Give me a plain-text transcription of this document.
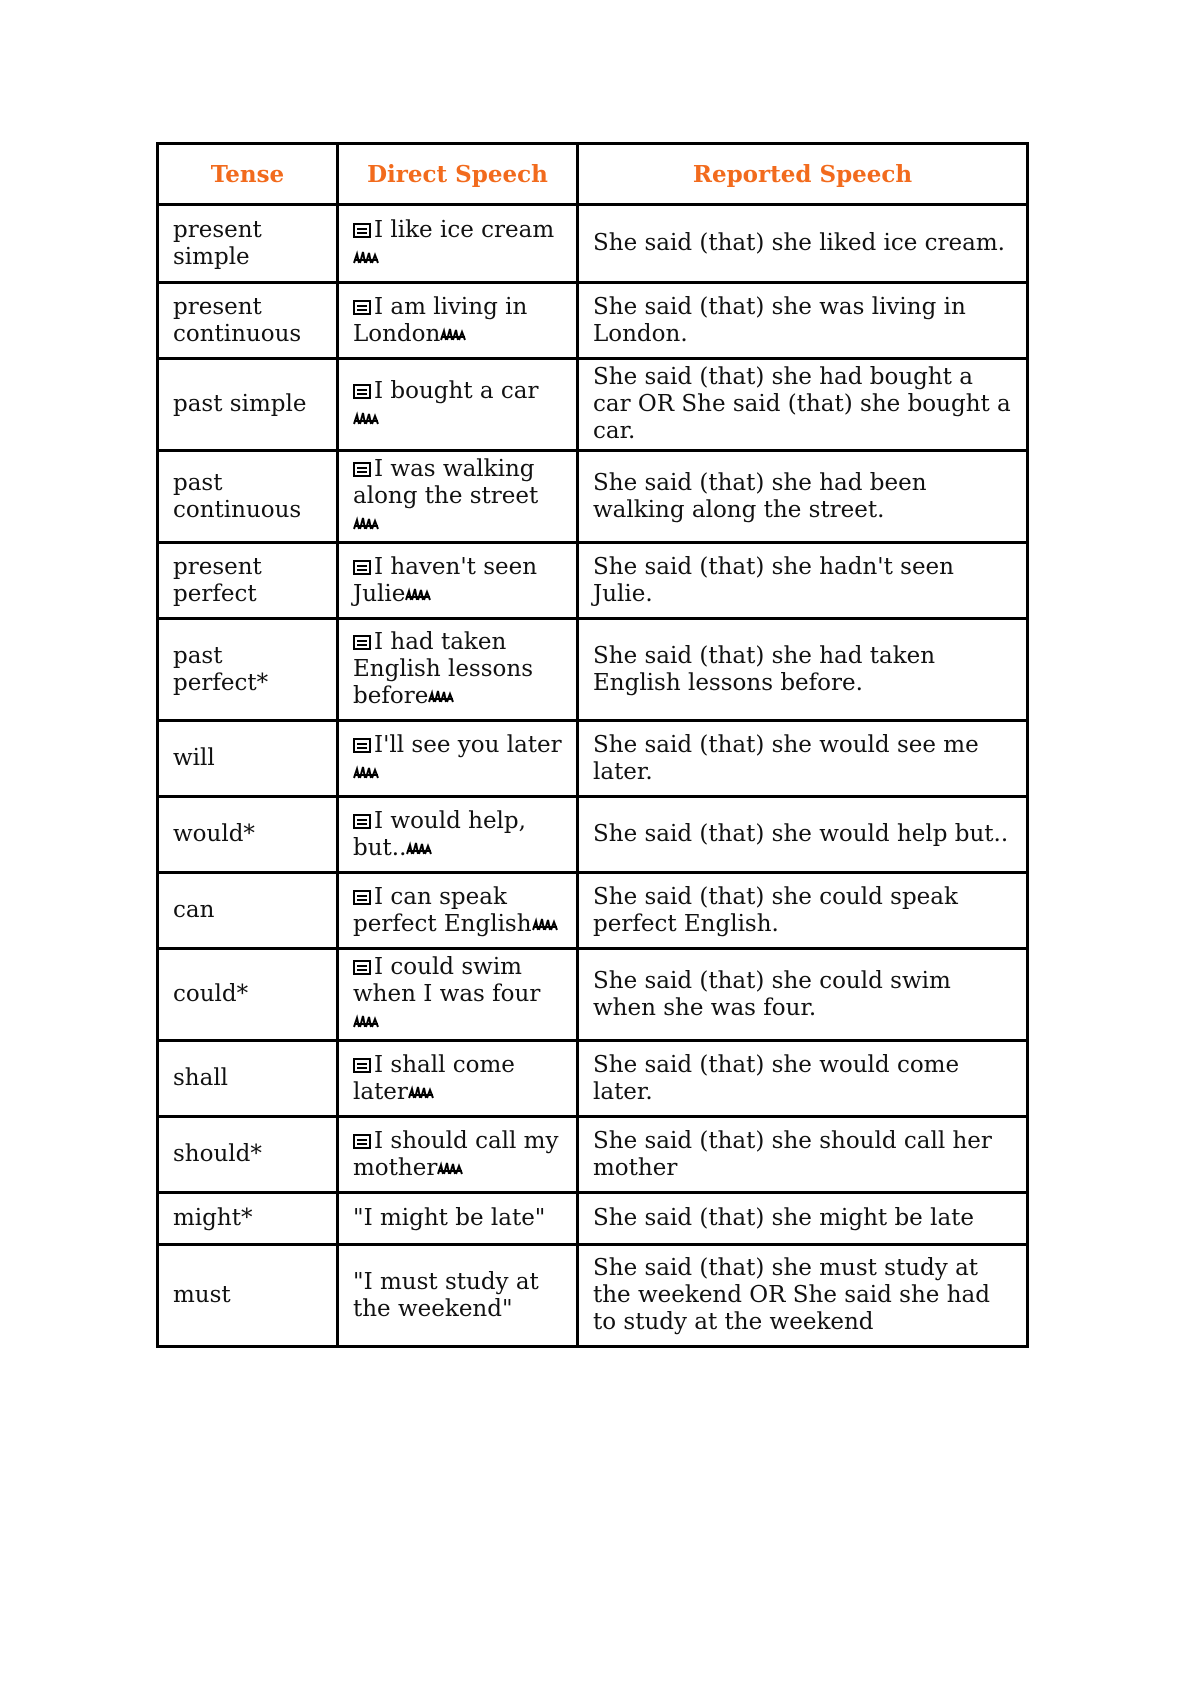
Tense	Direct Speech	Reported Speech
present simple	I like ice cream	She said (that) she liked ice cream.
present continuous	I am living in London	She said (that) she was living in London.
past simple	I bought a car	She said (that) she had bought a car OR She said (that) she bought a car.
past continuous	I was walking along the street	She said (that) she had been walking along the street.
present perfect	I haven't seen Julie	She said (that) she hadn't seen Julie.
past perfect*	I had taken English lessons before	She said (that) she had taken English lessons before.
will	I'll see you later	She said (that) she would see me later.
would*	I would help, but..	She said (that) she would help but..
can	I can speak perfect English	She said (that) she could speak perfect English.
could*	I could swim when I was four	She said (that) she could swim when she was four.
shall	I shall come later	She said (that) she would come later.
should*	I should call my mother	She said (that) she should call her mother
might*	"I might be late"	She said (that) she might be late
must	"I must study at the weekend"	She said (that) she must study at the weekend OR She said she had to study at the weekend
